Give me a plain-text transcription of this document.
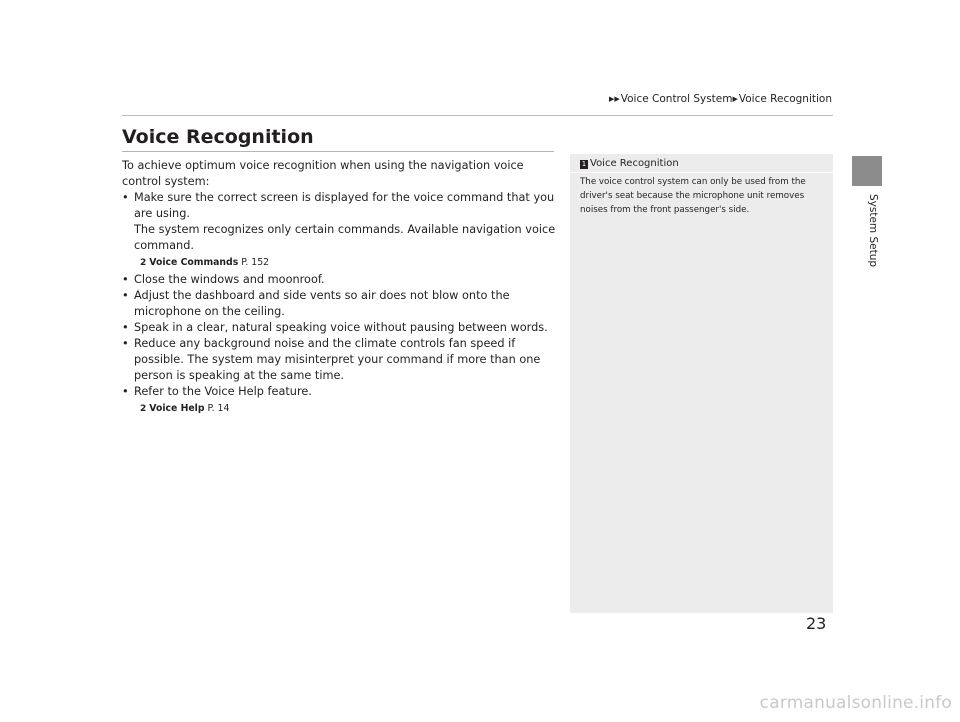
▶▶Voice Control System▶Voice Recognition
System Setup
Voice Recognition

To achieve optimum voice recognition when using the navigation voice control system:

• Make sure the correct screen is displayed for the voice command that you are using.
The system recognizes only certain commands. Available navigation voice command.
2 Voice Commands P. 152
• Close the windows and moonroof.
• Adjust the dashboard and side vents so air does not blow onto the microphone on the ceiling.
• Speak in a clear, natural speaking voice without pausing between words.
• Reduce any background noise and the climate controls fan speed if possible. The system may misinterpret your command if more than one person is speaking at the same time.
• Refer to the Voice Help feature.
2 Voice Help P. 14
1 Voice Recognition
The voice control system can only be used from the driver's seat because the microphone unit removes noises from the front passenger's side.
23
carmanualsonline.info
